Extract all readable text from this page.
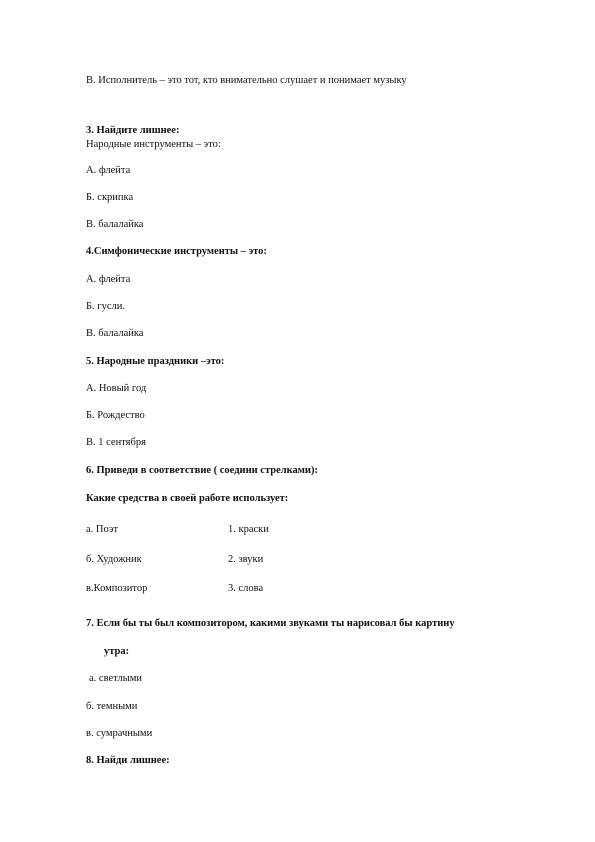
В. Исполнитель – это тот, кто внимательно слушает и понимает музыку
3. Найдите лишнее:
Народные инструменты – это:
А. флейта
Б. скрипка
В. балалайка
4.Симфонические инструменты – это:
А. флейта
Б. гусли.
В. балалайка
5. Народные праздники –это:
А. Новый год
Б. Рождество
В. 1 сентября
6. Приведи в соответствие ( соедини стрелками):
Какие средства в своей работе использует:
а. Поэт	1. краски
б. Художник	2. звуки
в.Композитор	3. слова
7. Если бы ты был композитором, какими звуками ты нарисовал бы картину
утра:
а. светлыми
б. темными
в. сумрачными
8. Найди лишнее:
